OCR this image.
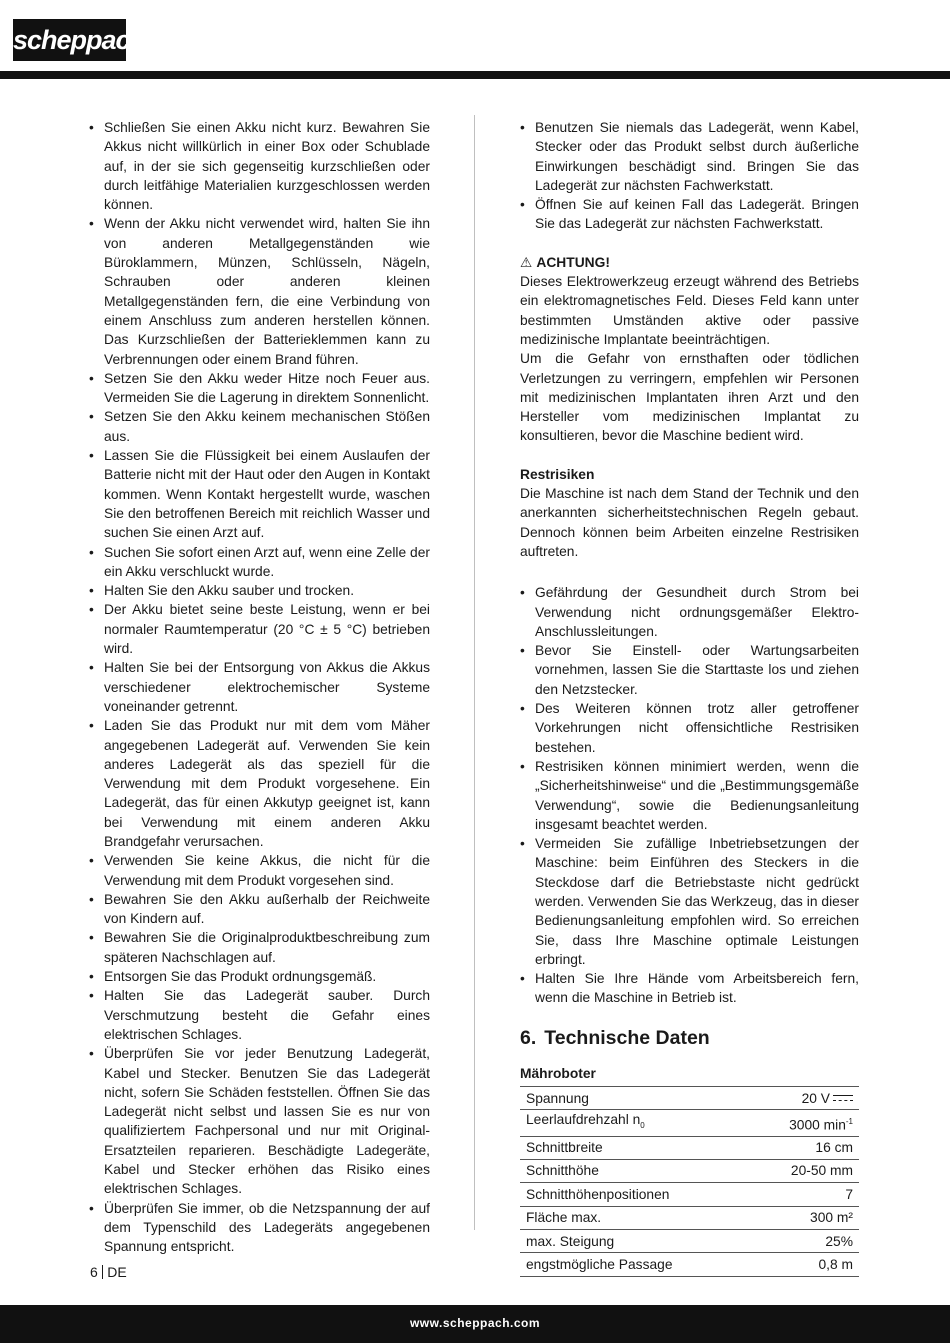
scheppach
• Schließen Sie einen Akku nicht kurz. Bewahren Sie Akkus nicht willkürlich in einer Box oder Schublade auf, in der sie sich gegenseitig kurzschließen oder durch leitfähige Materialien kurzgeschlossen werden können.
• Wenn der Akku nicht verwendet wird, halten Sie ihn von anderen Metallgegenständen wie Büroklammern, Münzen, Schlüsseln, Nägeln, Schrauben oder anderen kleinen Metallgegenständen fern, die eine Verbindung von einem Anschluss zum anderen herstellen können. Das Kurzschließen der Batterieklemmen kann zu Verbrennungen oder einem Brand führen.
• Setzen Sie den Akku weder Hitze noch Feuer aus. Vermeiden Sie die Lagerung in direktem Sonnenlicht.
• Setzen Sie den Akku keinem mechanischen Stößen aus.
• Lassen Sie die Flüssigkeit bei einem Auslaufen der Batterie nicht mit der Haut oder den Augen in Kontakt kommen. Wenn Kontakt hergestellt wurde, waschen Sie den betroffenen Bereich mit reichlich Wasser und suchen Sie einen Arzt auf.
• Suchen Sie sofort einen Arzt auf, wenn eine Zelle der ein Akku verschluckt wurde.
• Halten Sie den Akku sauber und trocken.
• Der Akku bietet seine beste Leistung, wenn er bei normaler Raumtemperatur (20 °C ± 5 °C) betrieben wird.
• Halten Sie bei der Entsorgung von Akkus die Akkus verschiedener elektrochemischer Systeme voneinander getrennt.
• Laden Sie das Produkt nur mit dem vom Mäher angegebenen Ladegerät auf. Verwenden Sie kein anderes Ladegerät als das speziell für die Verwendung mit dem Produkt vorgesehene. Ein Ladegerät, das für einen Akkutyp geeignet ist, kann bei Verwendung mit einem anderen Akku Brandgefahr verursachen.
• Verwenden Sie keine Akkus, die nicht für die Verwendung mit dem Produkt vorgesehen sind.
• Bewahren Sie den Akku außerhalb der Reichweite von Kindern auf.
• Bewahren Sie die Originalproduktbeschreibung zum späteren Nachschlagen auf.
• Entsorgen Sie das Produkt ordnungsgemäß.
• Halten Sie das Ladegerät sauber. Durch Verschmutzung besteht die Gefahr eines elektrischen Schlages.
• Überprüfen Sie vor jeder Benutzung Ladegerät, Kabel und Stecker. Benutzen Sie das Ladegerät nicht, sofern Sie Schäden feststellen. Öffnen Sie das Ladegerät nicht selbst und lassen Sie es nur von qualifiziertem Fachpersonal und nur mit Original-Ersatzteilen reparieren. Beschädigte Ladegeräte, Kabel und Stecker erhöhen das Risiko eines elektrischen Schlages.
• Überprüfen Sie immer, ob die Netzspannung der auf dem Typenschild des Ladegeräts angegebenen Spannung entspricht.
• Benutzen Sie niemals das Ladegerät, wenn Kabel, Stecker oder das Produkt selbst durch äußerliche Einwirkungen beschädigt sind. Bringen Sie das Ladegerät zur nächsten Fachwerkstatt.
• Öffnen Sie auf keinen Fall das Ladegerät. Bringen Sie das Ladegerät zur nächsten Fachwerkstatt.

⚠ ACHTUNG!

Dieses Elektrowerkzeug erzeugt während des Betriebs ein elektromagnetisches Feld. Dieses Feld kann unter bestimmten Umständen aktive oder passive medizinische Implantate beeinträchtigen.

Um die Gefahr von ernsthaften oder tödlichen Verletzungen zu verringern, empfehlen wir Personen mit medizinischen Implantaten ihren Arzt und den Hersteller vom medizinischen Implantat zu konsultieren, bevor die Maschine bedient wird.

Restrisiken

Die Maschine ist nach dem Stand der Technik und den anerkannten sicherheitstechnischen Regeln gebaut. Dennoch können beim Arbeiten einzelne Restrisiken auftreten.

• Gefährdung der Gesundheit durch Strom bei Verwendung nicht ordnungsgemäßer Elektro-Anschlussleitungen.
• Bevor Sie Einstell- oder Wartungsarbeiten vornehmen, lassen Sie die Starttaste los und ziehen den Netzstecker.
• Des Weiteren können trotz aller getroffener Vorkehrungen nicht offensichtliche Restrisiken bestehen.
• Restrisiken können minimiert werden, wenn die „Sicherheitshinweise“ und die „Bestimmungsgemäße Verwendung“, sowie die Bedienungsanleitung insgesamt beachtet werden.
• Vermeiden Sie zufällige Inbetriebsetzungen der Maschine: beim Einführen des Steckers in die Steckdose darf die Betriebstaste nicht gedrückt werden. Verwenden Sie das Werkzeug, das in dieser Bedienungsanleitung empfohlen wird. So erreichen Sie, dass Ihre Maschine optimale Leistungen erbringt.
• Halten Sie Ihre Hände vom Arbeitsbereich fern, wenn die Maschine in Betrieb ist.
6. Technische Daten

Mähroboter

Spannung	20 V
Leerlaufdrehzahl $n_0$	3000 $\min^{-1}$
Schnittbreite	16 cm
Schnitthöhe	20-50 mm
Schnitthöhenpositionen	7
Fläche max.	300 m²
max. Steigung	25%
engstmögliche Passage	0,8 m
6 DE
www.scheppach.com
